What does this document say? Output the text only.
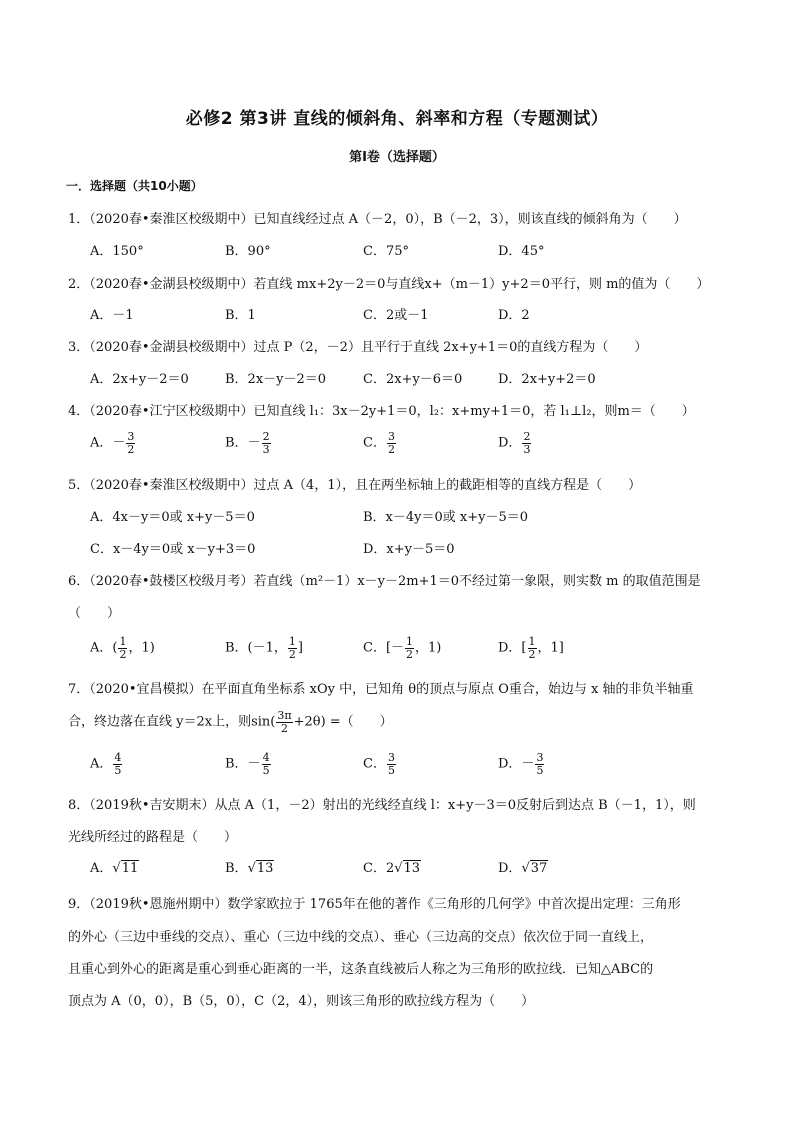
必修2 第3讲 直线的倾斜角、斜率和方程（专题测试）
第Ⅰ卷（选择题）
一．选择题（共10小题）
1．（2020春•秦淮区校级期中）已知直线经过点 A（－2，0），B（－2，3），则该直线的倾斜角为（　　）
A．150°	B．90°	C．75°	D．45°
2．（2020春•金湖县校级期中）若直线 mx+2y－2＝0与直线x+（m－1）y+2＝0平行，则 m的值为（　　）
A．－1	B．1	C．2或－1	D．2
3．（2020春•金湖县校级期中）过点 P（2，－2）且平行于直线 2x+y+1＝0的直线方程为（　　）
A．2x+y－2＝0	B．2x－y－2＝0	C．2x+y－6＝0	D．2x+y+2＝0
4．（2020春•江宁区校级期中）已知直线 l₁：3x－2y+1＝0，l₂：x+my+1＝0，若 l₁⊥l₂，则m＝（　　）
A．－ $\frac{3}{2}$	B．－ $\frac{2}{3}$	C． $\frac{3}{2}$	D． $\frac{2}{3}$
5．（2020春•秦淮区校级期中）过点 A（4，1），且在两坐标轴上的截距相等的直线方程是（　　）
A．4x－y＝0或 x+y－5＝0	B．x－4y＝0或 x+y－5＝0
C．x－4y＝0或 x－y+3＝0	D．x+y－5＝0
6．（2020春•鼓楼区校级月考）若直线（m²－1）x－y－2m+1＝0不经过第一象限，则实数 m 的取值范围是
（　　）
A．( $\frac{1}{2}$ ，1)	B．(－1， $\frac{1}{2}$ ]	C．[－ $\frac{1}{2}$ ，1)	D．[ $\frac{1}{2}$ ，1]
7．（2020•宜昌模拟）在平面直角坐标系 xOy 中，已知角 θ的顶点与原点 O重合，始边与 x 轴的非负半轴重
合，终边落在直线 y＝2x上，则$\sin( \frac{3\pi}{2} +2\theta)$ =（　　）
A． $\frac{4}{5}$	B．－ $\frac{4}{5}$	C． $\frac{3}{5}$	D．－ $\frac{3}{5}$
8．（2019秋•吉安期末）从点 A（1，－2）射出的光线经直线 l：x+y－3＝0反射后到达点 B（－1，1），则
光线所经过的路程是（　　）
A．√11	B．√13	C．2√13	D．√37
9．（2019秋•恩施州期中）数学家欧拉于 1765年在他的著作《三角形的几何学》中首次提出定理：三角形
的外心（三边中垂线的交点）、重心（三边中线的交点）、垂心（三边高的交点）依次位于同一直线上，
且重心到外心的距离是重心到垂心距离的一半，这条直线被后人称之为三角形的欧拉线．已知△ABC的
顶点为 A（0，0），B（5，0），C（2，4），则该三角形的欧拉线方程为（　　）
